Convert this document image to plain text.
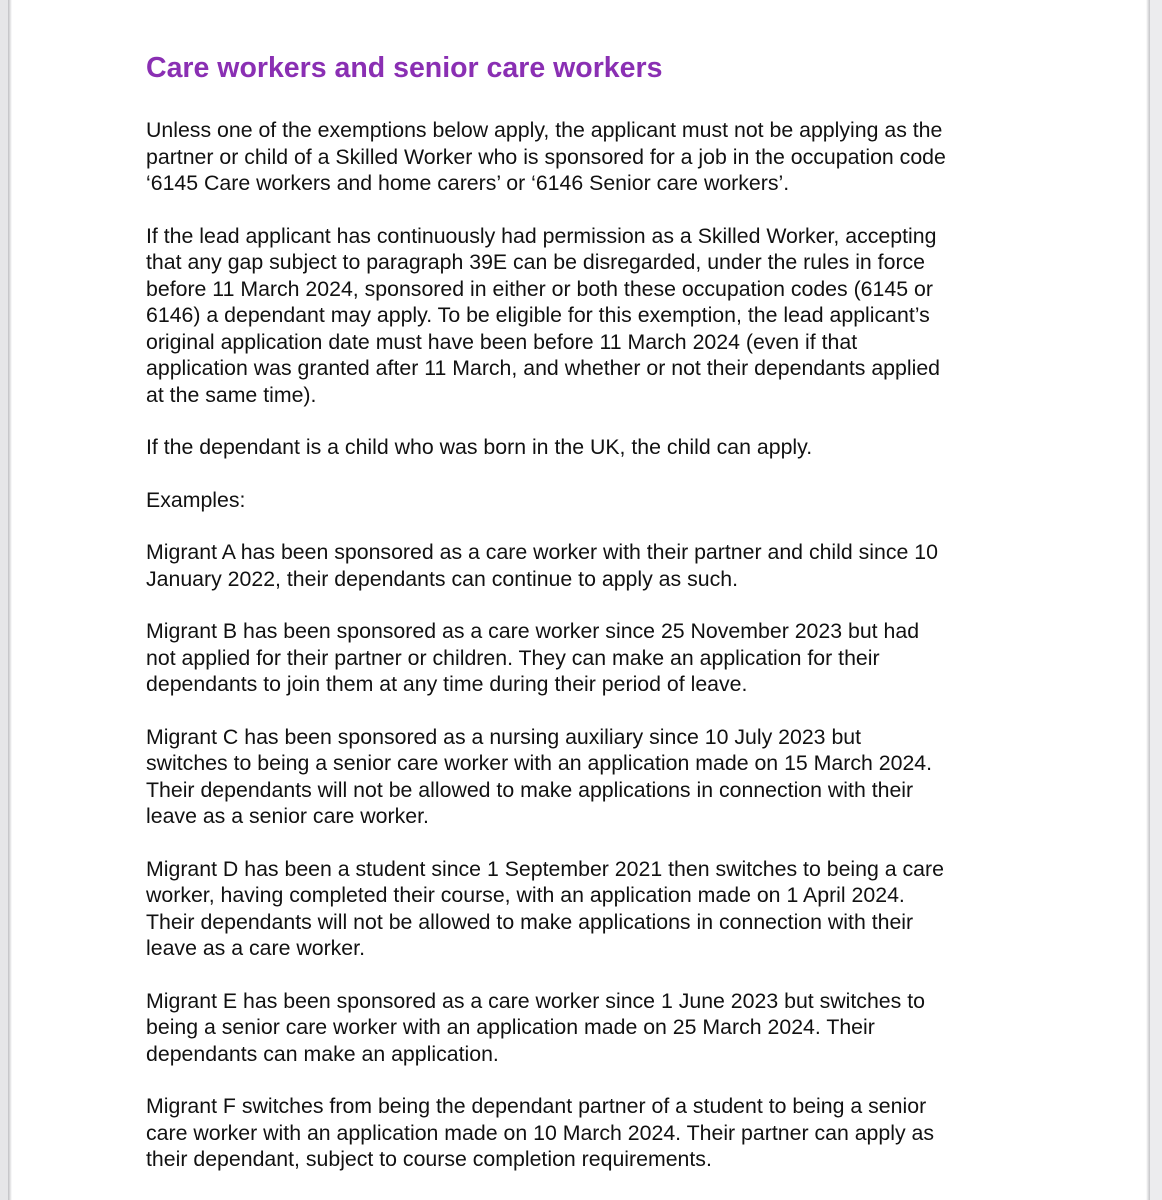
Care workers and senior care workers

Unless one of the exemptions below apply, the applicant must not be applying as the
partner or child of a Skilled Worker who is sponsored for a job in the occupation code
‘6145 Care workers and home carers’ or ‘6146 Senior care workers’.

If the lead applicant has continuously had permission as a Skilled Worker, accepting
that any gap subject to paragraph 39E can be disregarded, under the rules in force
before 11 March 2024, sponsored in either or both these occupation codes (6145 or
6146) a dependant may apply. To be eligible for this exemption, the lead applicant’s
original application date must have been before 11 March 2024 (even if that
application was granted after 11 March, and whether or not their dependants applied
at the same time).

If the dependant is a child who was born in the UK, the child can apply.

Examples:

Migrant A has been sponsored as a care worker with their partner and child since 10
January 2022, their dependants can continue to apply as such.

Migrant B has been sponsored as a care worker since 25 November 2023 but had
not applied for their partner or children. They can make an application for their
dependants to join them at any time during their period of leave.

Migrant C has been sponsored as a nursing auxiliary since 10 July 2023 but
switches to being a senior care worker with an application made on 15 March 2024.
Their dependants will not be allowed to make applications in connection with their
leave as a senior care worker.

Migrant D has been a student since 1 September 2021 then switches to being a care
worker, having completed their course, with an application made on 1 April 2024.
Their dependants will not be allowed to make applications in connection with their
leave as a care worker.

Migrant E has been sponsored as a care worker since 1 June 2023 but switches to
being a senior care worker with an application made on 25 March 2024. Their
dependants can make an application.

Migrant F switches from being the dependant partner of a student to being a senior
care worker with an application made on 10 March 2024. Their partner can apply as
their dependant, subject to course completion requirements.
